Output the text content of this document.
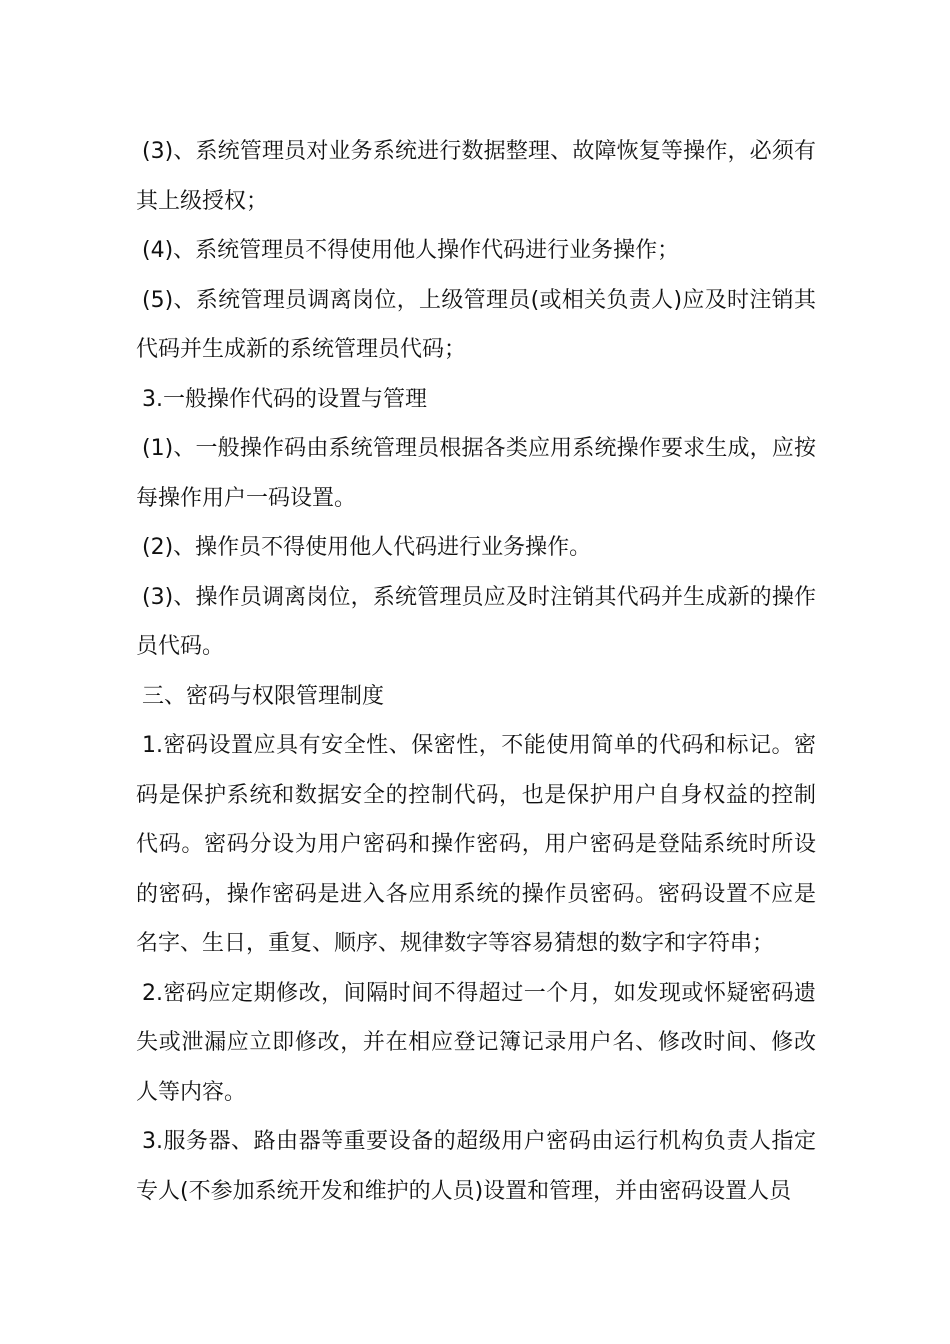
(3)、系统管理员对业务系统进行数据整理、故障恢复等操作，必须有其上级授权；

(4)、系统管理员不得使用他人操作代码进行业务操作；

(5)、系统管理员调离岗位，上级管理员(或相关负责人)应及时注销其代码并生成新的系统管理员代码；

3.一般操作代码的设置与管理

(1)、一般操作码由系统管理员根据各类应用系统操作要求生成，应按每操作用户一码设置。

(2)、操作员不得使用他人代码进行业务操作。

(3)、操作员调离岗位，系统管理员应及时注销其代码并生成新的操作员代码。

三、密码与权限管理制度

1.密码设置应具有安全性、保密性，不能使用简单的代码和标记。密码是保护系统和数据安全的控制代码，也是保护用户自身权益的控制代码。密码分设为用户密码和操作密码，用户密码是登陆系统时所设的密码，操作密码是进入各应用系统的操作员密码。密码设置不应是名字、生日，重复、顺序、规律数字等容易猜想的数字和字符串；

2.密码应定期修改，间隔时间不得超过一个月，如发现或怀疑密码遗失或泄漏应立即修改，并在相应登记簿记录用户名、修改时间、修改人等内容。

3.服务器、路由器等重要设备的超级用户密码由运行机构负责人指定专人(不参加系统开发和维护的人员)设置和管理，并由密码设置人员
